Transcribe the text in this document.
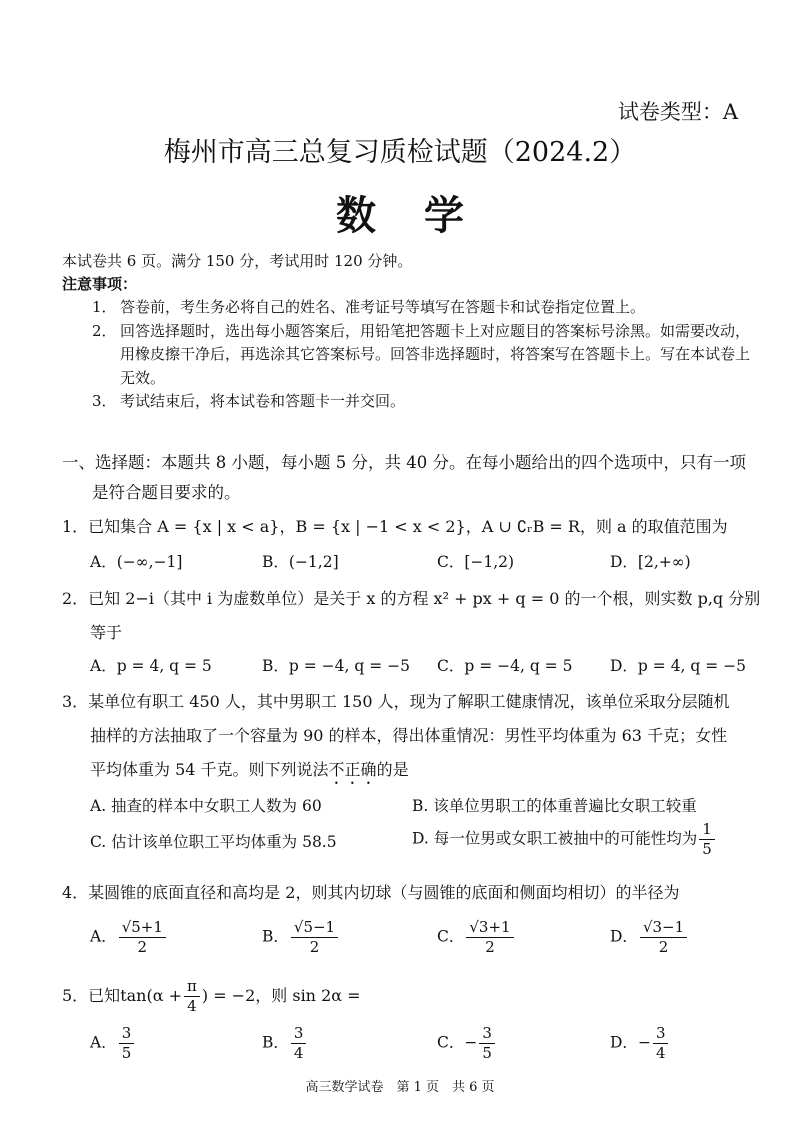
试卷类型：A
梅州市高三总复习质检试题（2024.2）
数学
本试卷共 6 页。满分 150 分，考试用时 120 分钟。
注意事项：
1． 答卷前，考生务必将自己的姓名、准考证号等填写在答题卡和试卷指定位置上。
2． 回答选择题时，选出每小题答案后，用铅笔把答题卡上对应题目的答案标号涂黑。如需要改动，用橡皮擦干净后，再选涂其它答案标号。回答非选择题时，将答案写在答题卡上。写在本试卷上无效。
3． 考试结束后，将本试卷和答题卡一并交回。
一、选择题：本题共 8 小题，每小题 5 分，共 40 分。在每小题给出的四个选项中，只有一项
是符合题目要求的。
1．已知集合 A = {x | x < a}，B = {x | −1 < x < 2}，A ∪ ∁ᵣB = R，则 a 的取值范围为
A．(−∞,−1]	B．(−1,2]	C．[−1,2)	D．[2,+∞)
2．已知 2−i（其中 i 为虚数单位）是关于 x 的方程 x² + px + q = 0 的一个根，则实数 p,q 分别
等于
A．p = 4, q = 5	B．p = −4, q = −5 C．p = −4, q = 5 D．p = 4, q = −5
3．某单位有职工 450 人，其中男职工 150 人，现为了解职工健康情况，该单位采取分层随机
抽样的方法抽取了一个容量为 90 的样本，得出体重情况：男性平均体重为 63 千克；女性
平均体重为 54 千克。则下列说法不正确的是
A. 抽查的样本中女职工人数为 60	B. 该单位男职工的体重普遍比女职工较重
C. 估计该单位职工平均体重为 58.5	D. 每一位男或女职工被抽中的可能性均为 $\frac{1}{5}$
4．某圆锥的底面直径和高均是 2，则其内切球（与圆锥的底面和侧面均相切）的半径为
A． $\frac{√5+1}{2}$	B． $\frac{√5-1}{2}$	C． $\frac{√3+1}{2}$	D． $\frac{√3-1}{2}$
5．已知$\tan(\alpha + \frac{\pi}{4}$ ) = −2，则 sin 2α =
A． $\frac{3}{5}$	B． $\frac{3}{4}$	C．− $\frac{3}{5}$	D．− $\frac{3}{4}$
高三数学试卷　第 1 页　共 6 页
